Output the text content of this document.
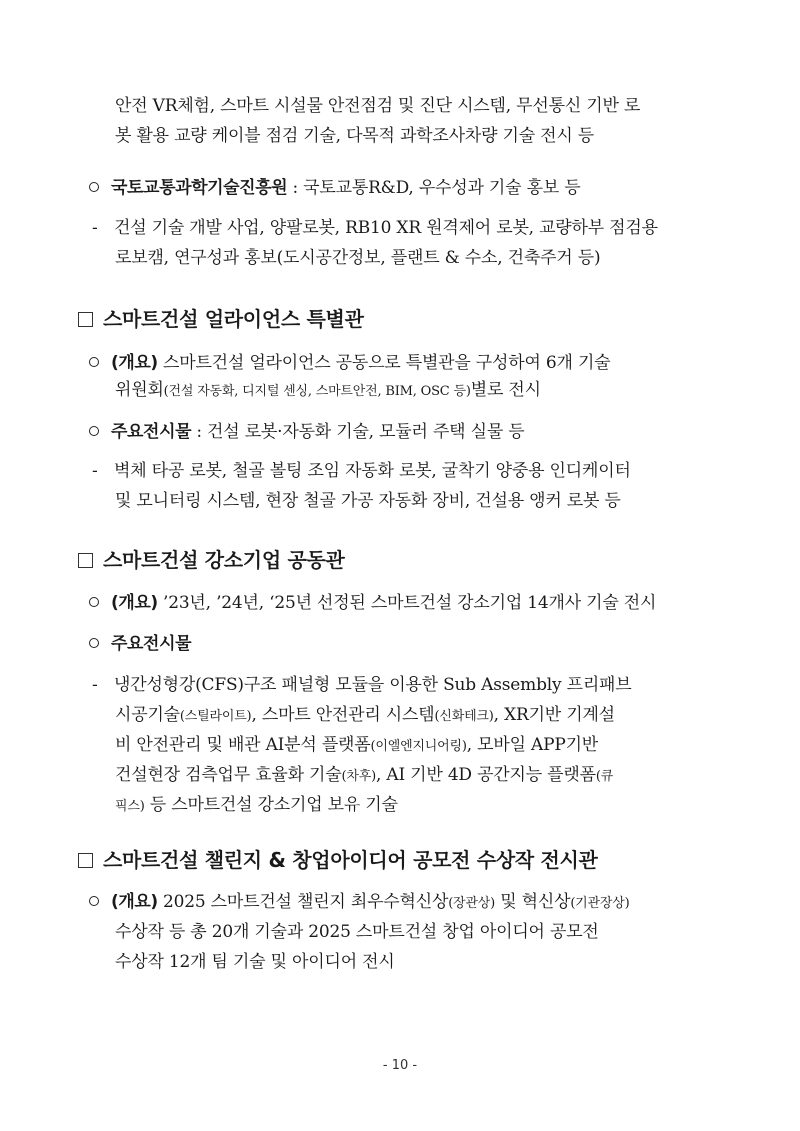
안전 VR체험, 스마트 시설물 안전점검 및 진단 시스템, 무선통신 기반 로
봇 활용 교량 케이블 점검 기술, 다목적 과학조사차량 기술 전시 등
국토교통과학기술진흥원 : 국토교통R&D, 우수성과 기술 홍보 등
- 건설 기술 개발 사업, 양팔로봇, RB10 XR 원격제어 로봇, 교량하부 점검용
로보캠, 연구성과 홍보(도시공간정보, 플랜트 & 수소, 건축주거 등)
스마트건설 얼라이언스 특별관
(개요) 스마트건설 얼라이언스 공동으로 특별관을 구성하여 6개 기술
위원회(건설 자동화, 디지털 센싱, 스마트안전, BIM, OSC 등)별로 전시
주요전시물 : 건설 로봇·자동화 기술, 모듈러 주택 실물 등
- 벽체 타공 로봇, 철골 볼팅 조임 자동화 로봇, 굴착기 양중용 인디케이터
및 모니터링 시스템, 현장 철골 가공 자동화 장비, 건설용 앵커 로봇 등
스마트건설 강소기업 공동관
(개요) ’23년, ’24년, ‘25년 선정된 스마트건설 강소기업 14개사 기술 전시
주요전시물
- 냉간성형강(CFS)구조 패널형 모듈을 이용한 Sub Assembly 프리패브
시공기술(스틸라이트), 스마트 안전관리 시스템(신화테크), XR기반 기계설
비 안전관리 및 배관 AI분석 플랫폼(이엘엔지니어링), 모바일 APP기반
건설현장 검측업무 효율화 기술(차후), AI 기반 4D 공간지능 플랫폼(큐
픽스) 등 스마트건설 강소기업 보유 기술
스마트건설 챌린지 & 창업아이디어 공모전 수상작 전시관
(개요) 2025 스마트건설 챌린지 최우수혁신상(장관상) 및 혁신상(기관장상)
수상작 등 총 20개 기술과 2025 스마트건설 창업 아이디어 공모전
수상작 12개 팀 기술 및 아이디어 전시
- 10 -
